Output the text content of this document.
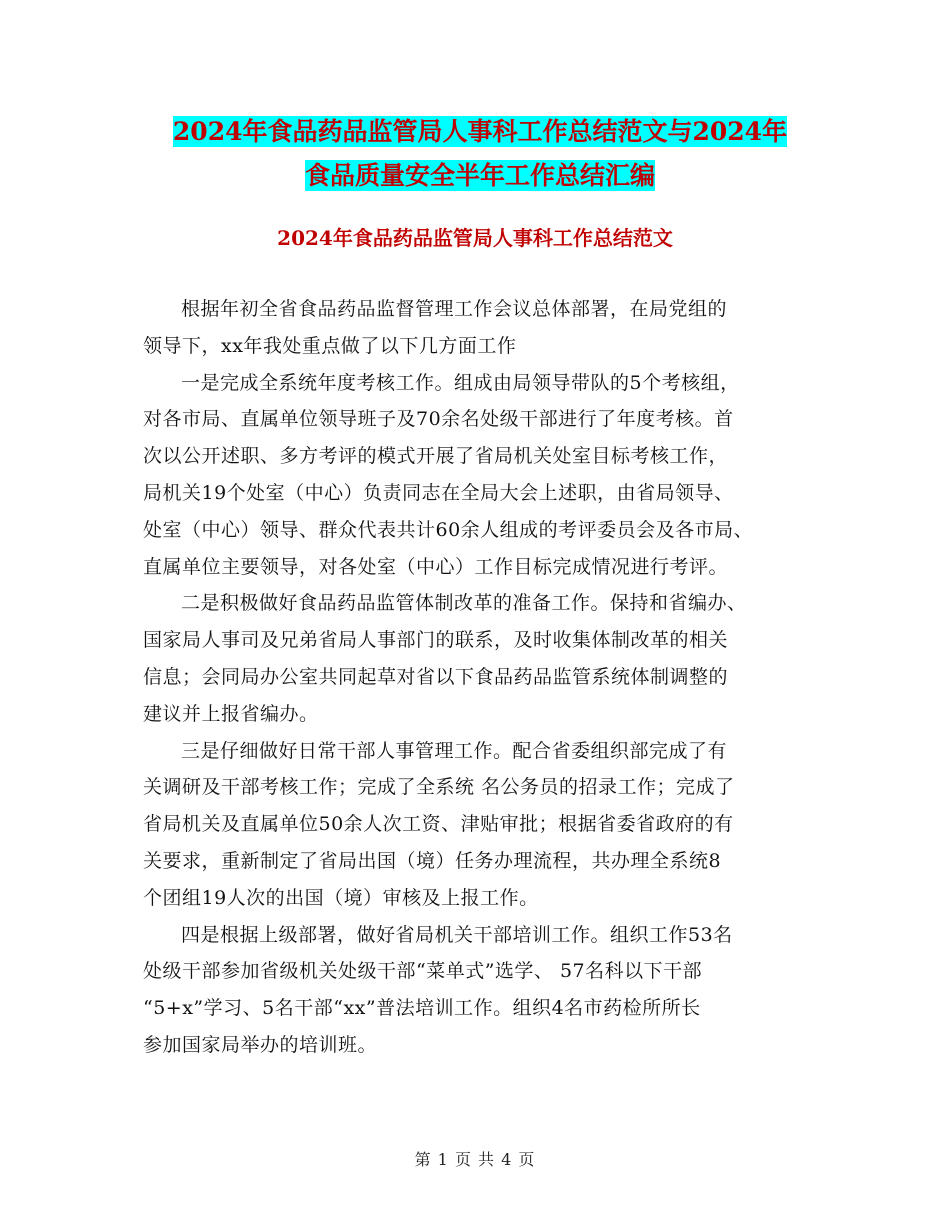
2024年食品药品监管局人事科工作总结范文与2024年
食品质量安全半年工作总结汇编
2024年食品药品监管局人事科工作总结范文

根据年初全省食品药品监督管理工作会议总体部署，在局党组的
领导下，xx年我处重点做了以下几方面工作

一是完成全系统年度考核工作。组成由局领导带队的5个考核组，
对各市局、直属单位领导班子及70余名处级干部进行了年度考核。首
次以公开述职、多方考评的模式开展了省局机关处室目标考核工作，
局机关19个处室（中心）负责同志在全局大会上述职，由省局领导、
处室（中心）领导、群众代表共计60余人组成的考评委员会及各市局、
直属单位主要领导，对各处室（中心）工作目标完成情况进行考评。

二是积极做好食品药品监管体制改革的准备工作。保持和省编办、
国家局人事司及兄弟省局人事部门的联系，及时收集体制改革的相关
信息；会同局办公室共同起草对省以下食品药品监管系统体制调整的
建议并上报省编办。

三是仔细做好日常干部人事管理工作。配合省委组织部完成了有
关调研及干部考核工作；完成了全系统 名公务员的招录工作；完成了
省局机关及直属单位50余人次工资、津贴审批；根据省委省政府的有
关要求，重新制定了省局出国（境）任务办理流程，共办理全系统8
个团组19人次的出国（境）审核及上报工作。

四是根据上级部署，做好省局机关干部培训工作。组织工作53名
处级干部参加省级机关处级干部“菜单式”选学、 57名科以下干部
“5+x”学习、5名干部“xx”普法培训工作。组织4名市药检所所长
参加国家局举办的培训班。

第 1 页 共 4 页
